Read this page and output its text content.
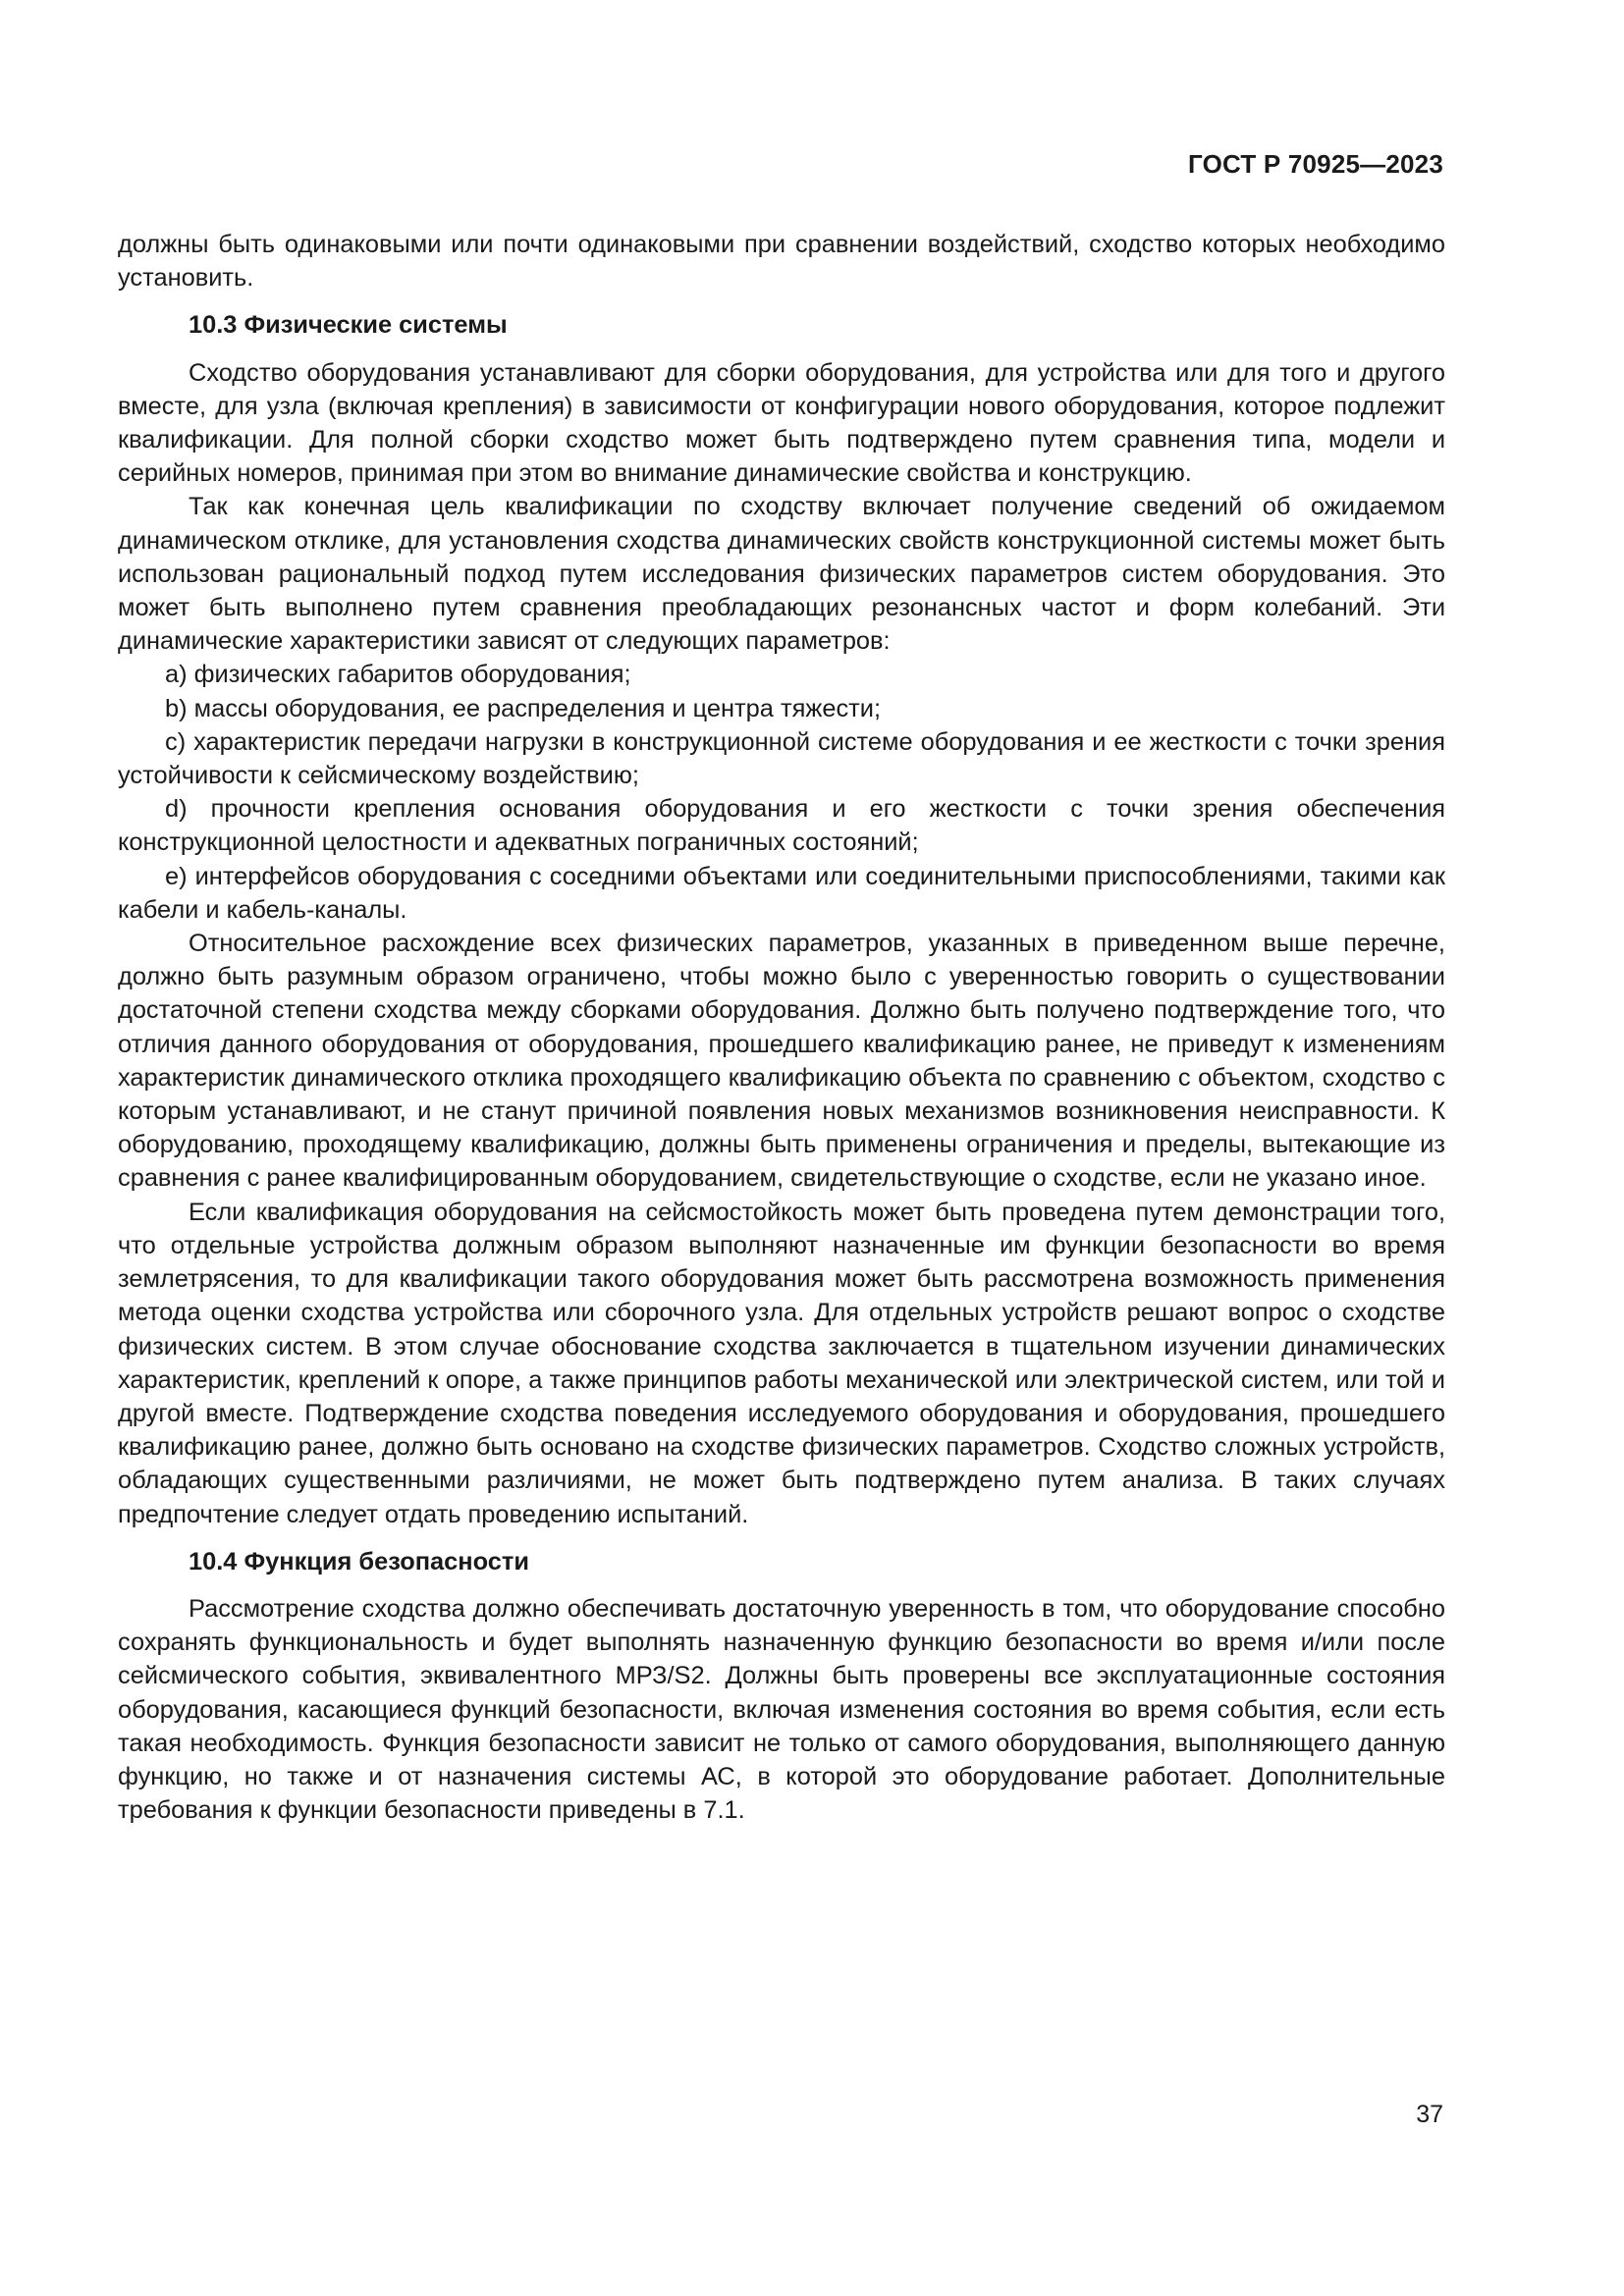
ГОСТ Р 70925—2023

должны быть одинаковыми или почти одинаковыми при сравнении воздействий, сходство которых необходимо установить.

10.3 Физические системы

Сходство оборудования устанавливают для сборки оборудования, для устройства или для того и другого вместе, для узла (включая крепления) в зависимости от конфигурации нового оборудования, которое подлежит квалификации. Для полной сборки сходство может быть подтверждено путем сравнения типа, модели и серийных номеров, принимая при этом во внимание динамические свойства и конструкцию.

Так как конечная цель квалификации по сходству включает получение сведений об ожидаемом динамическом отклике, для установления сходства динамических свойств конструкционной системы может быть использован рациональный подход путем исследования физических параметров систем оборудования. Это может быть выполнено путем сравнения преобладающих резонансных частот и форм колебаний. Эти динамические характеристики зависят от следующих параметров:

a) физических габаритов оборудования;

b) массы оборудования, ее распределения и центра тяжести;

c) характеристик передачи нагрузки в конструкционной системе оборудования и ее жесткости с точки зрения устойчивости к сейсмическому воздействию;

d) прочности крепления основания оборудования и его жесткости с точки зрения обеспечения конструкционной целостности и адекватных пограничных состояний;

e) интерфейсов оборудования с соседними объектами или соединительными приспособлениями, такими как кабели и кабель-каналы.

Относительное расхождение всех физических параметров, указанных в приведенном выше перечне, должно быть разумным образом ограничено, чтобы можно было с уверенностью говорить о существовании достаточной степени сходства между сборками оборудования. Должно быть получено подтверждение того, что отличия данного оборудования от оборудования, прошедшего квалификацию ранее, не приведут к изменениям характеристик динамического отклика проходящего квалификацию объекта по сравнению с объектом, сходство с которым устанавливают, и не станут причиной появления новых механизмов возникновения неисправности. К оборудованию, проходящему квалификацию, должны быть применены ограничения и пределы, вытекающие из сравнения с ранее квалифицированным оборудованием, свидетельствующие о сходстве, если не указано иное.

Если квалификация оборудования на сейсмостойкость может быть проведена путем демонстрации того, что отдельные устройства должным образом выполняют назначенные им функции безопасности во время землетрясения, то для квалификации такого оборудования может быть рассмотрена возможность применения метода оценки сходства устройства или сборочного узла. Для отдельных устройств решают вопрос о сходстве физических систем. В этом случае обоснование сходства заключается в тщательном изучении динамических характеристик, креплений к опоре, а также принципов работы механической или электрической систем, или той и другой вместе. Подтверждение сходства поведения исследуемого оборудования и оборудования, прошедшего квалификацию ранее, должно быть основано на сходстве физических параметров. Сходство сложных устройств, обладающих существенными различиями, не может быть подтверждено путем анализа. В таких случаях предпочтение следует отдать проведению испытаний.

10.4 Функция безопасности

Рассмотрение сходства должно обеспечивать достаточную уверенность в том, что оборудование способно сохранять функциональность и будет выполнять назначенную функцию безопасности во время и/или после сейсмического события, эквивалентного МРЗ/S2. Должны быть проверены все эксплуатационные состояния оборудования, касающиеся функций безопасности, включая изменения состояния во время события, если есть такая необходимость. Функция безопасности зависит не только от самого оборудования, выполняющего данную функцию, но также и от назначения системы АС, в которой это оборудование работает. Дополнительные требования к функции безопасности приведены в 7.1.

37
